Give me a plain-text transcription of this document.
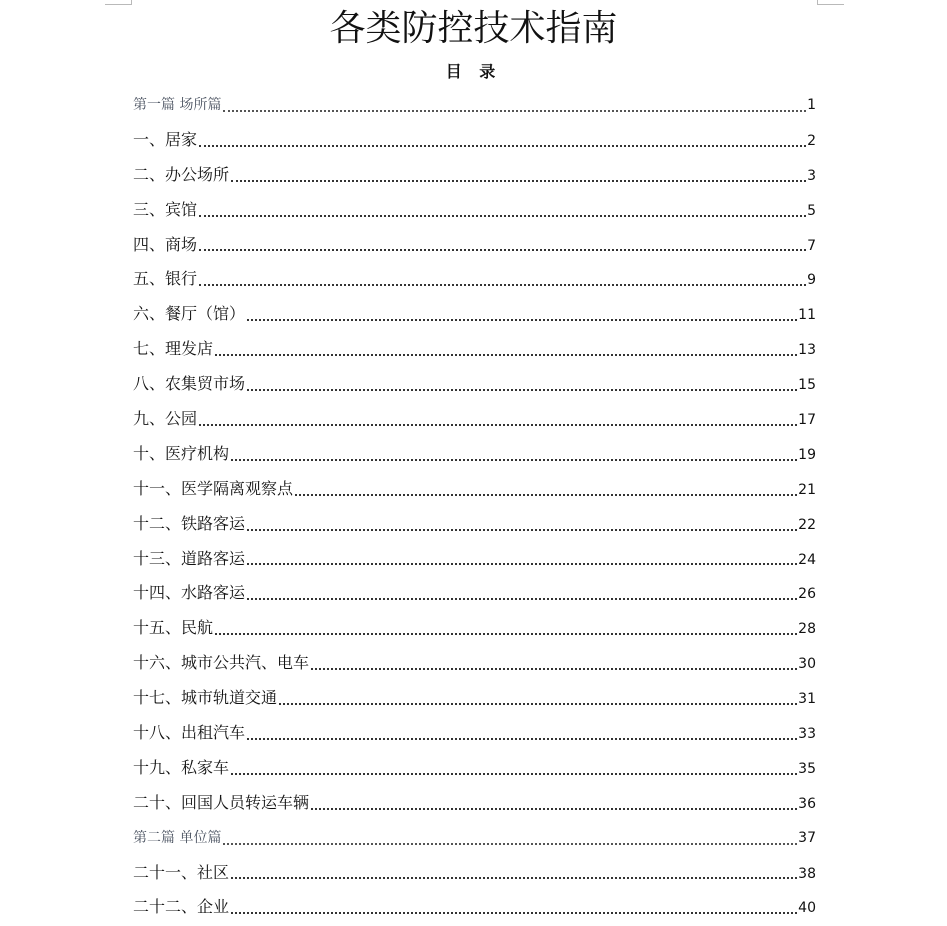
各类防控技术指南
目 录
第一篇 场所篇	1
一、居家	2
二、办公场所	3
三、宾馆	5
四、商场	7
五、银行	9
六、餐厅（馆）	11
七、理发店	13
八、农集贸市场	15
九、公园	17
十、医疗机构	19
十一、医学隔离观察点	21
十二、铁路客运	22
十三、道路客运	24
十四、水路客运	26
十五、民航	28
十六、城市公共汽、电车	30
十七、城市轨道交通	31
十八、出租汽车	33
十九、私家车	35
二十、回国人员转运车辆	36
第二篇 单位篇	37
二十一、社区	38
二十二、企业	40
